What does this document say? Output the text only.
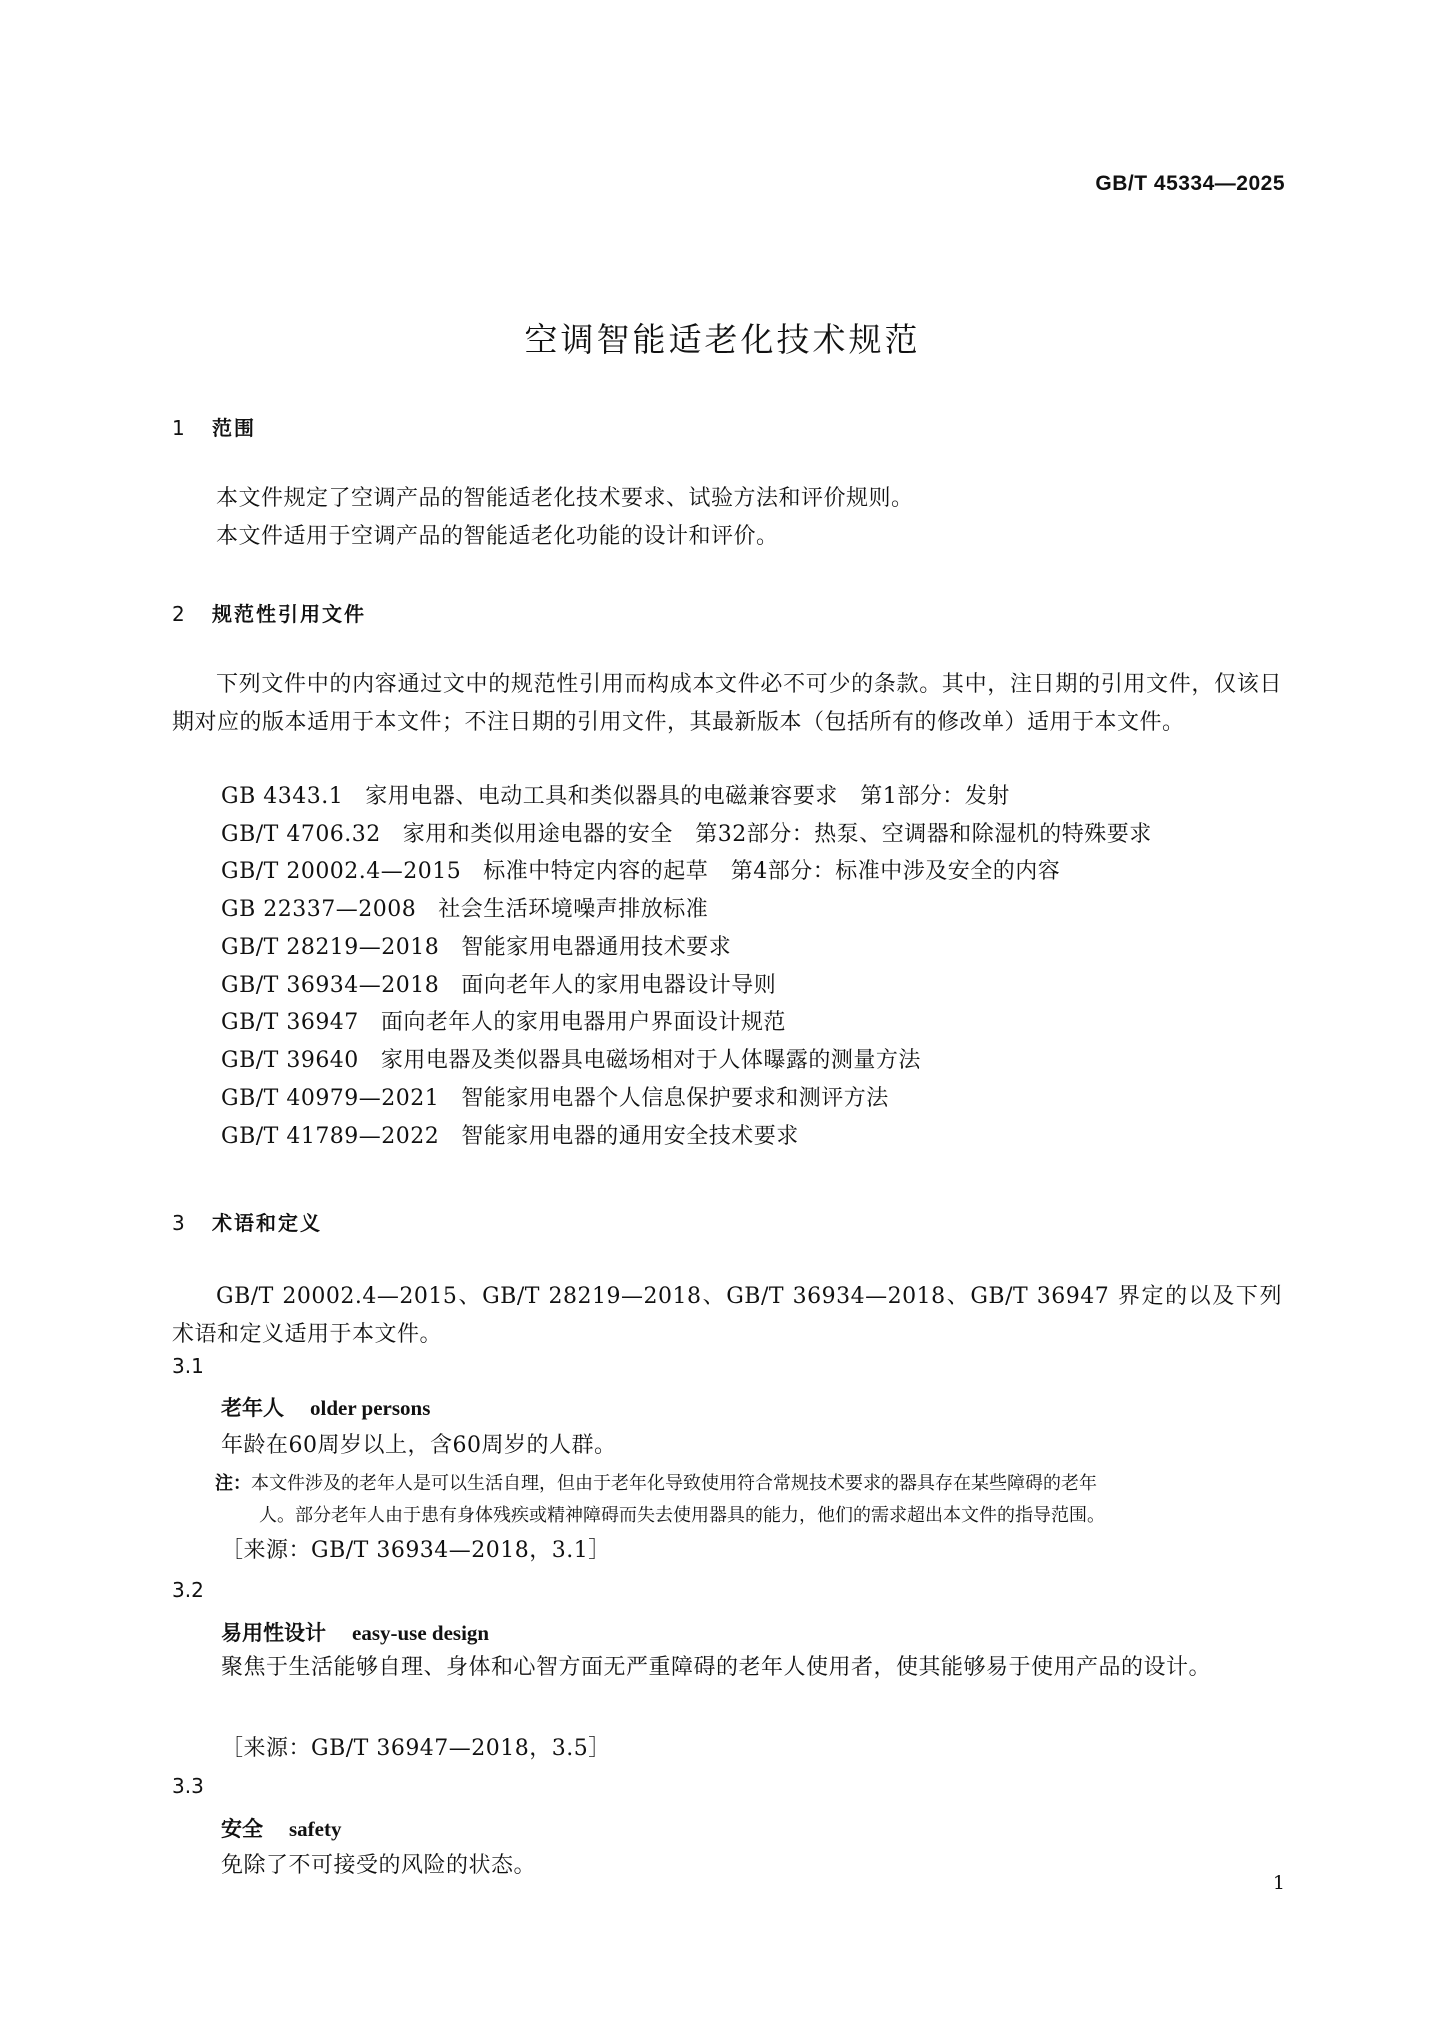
GB/T 45334—2025
空调智能适老化技术规范
1 范围
本文件规定了空调产品的智能适老化技术要求、试验方法和评价规则。
本文件适用于空调产品的智能适老化功能的设计和评价。
2 规范性引用文件
下列文件中的内容通过文中的规范性引用而构成本文件必不可少的条款。其中，注日期的引用文件，仅该日期对应的版本适用于本文件；不注日期的引用文件，其最新版本（包括所有的修改单）适用于本文件。
GB 4343.1 家用电器、电动工具和类似器具的电磁兼容要求　第1部分：发射
GB/T 4706.32 家用和类似用途电器的安全　第32部分：热泵、空调器和除湿机的特殊要求
GB/T 20002.4—2015 标准中特定内容的起草　第4部分：标准中涉及安全的内容
GB 22337—2008 社会生活环境噪声排放标准
GB/T 28219—2018 智能家用电器通用技术要求
GB/T 36934—2018 面向老年人的家用电器设计导则
GB/T 36947 面向老年人的家用电器用户界面设计规范
GB/T 39640 家用电器及类似器具电磁场相对于人体曝露的测量方法
GB/T 40979—2021 智能家用电器个人信息保护要求和测评方法
GB/T 41789—2022 智能家用电器的通用安全技术要求
3 术语和定义
GB/T 20002.4—2015、GB/T 28219—2018、GB/T 36934—2018、GB/T 36947 界定的以及下列术语和定义适用于本文件。
3.1
老年人 older persons
年龄在60周岁以上，含60周岁的人群。
注：本文件涉及的老年人是可以生活自理，但由于老年化导致使用符合常规技术要求的器具存在某些障碍的老年
人。部分老年人由于患有身体残疾或精神障碍而失去使用器具的能力，他们的需求超出本文件的指导范围。
［来源：GB/T 36934—2018，3.1］
3.2
易用性设计 easy-use design
聚焦于生活能够自理、身体和心智方面无严重障碍的老年人使用者，使其能够易于使用产品的设计。
［来源：GB/T 36947—2018，3.5］
3.3
安全 safety
免除了不可接受的风险的状态。
1
